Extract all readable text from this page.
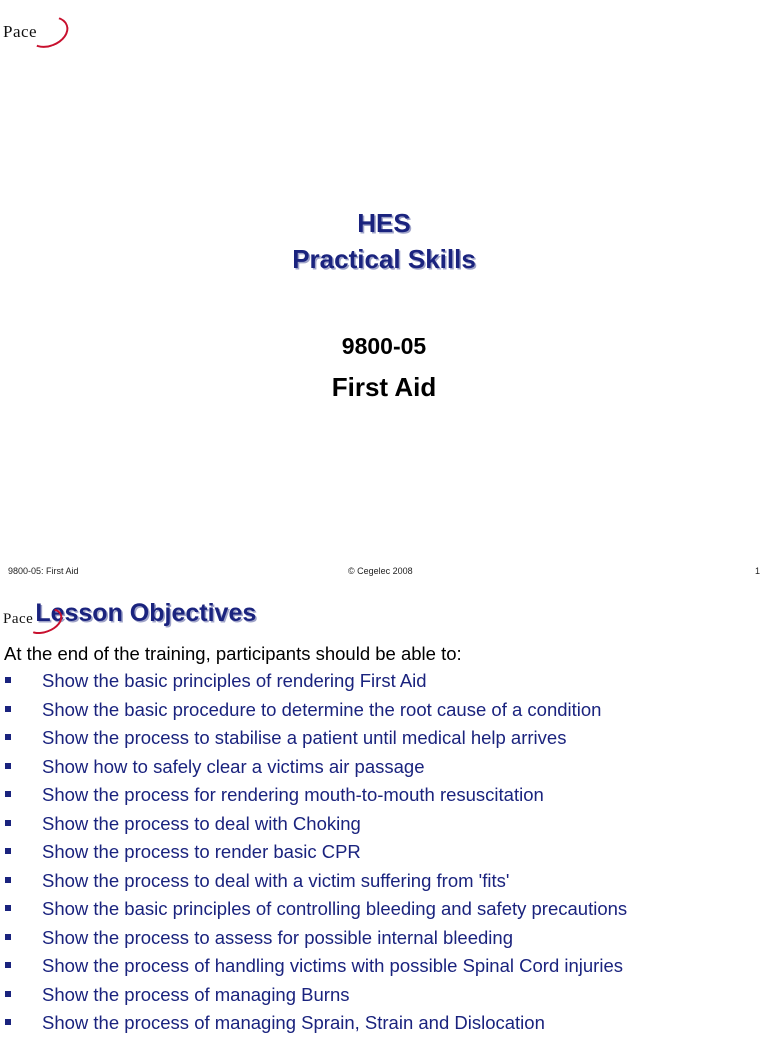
Pace
HES
Practical Skills
9800-05
First Aid
9800-05: First Aid	© Cegelec 2008	1
Pace Lesson Objectives
At the end of the training, participants should be able to:
Show the basic principles of rendering First Aid
Show the basic procedure to determine the root cause of a condition
Show the process to stabilise a patient until medical help arrives
Show how to safely clear a victims air passage
Show the process for rendering mouth-to-mouth resuscitation
Show the process to deal with Choking
Show the process to render basic CPR
Show the process to deal with a victim suffering from 'fits'
Show the basic principles of controlling bleeding and safety precautions
Show the process to assess for possible internal bleeding
Show the process of handling victims with possible Spinal Cord injuries
Show the process of managing Burns
Show the process of managing Sprain, Strain and Dislocation
